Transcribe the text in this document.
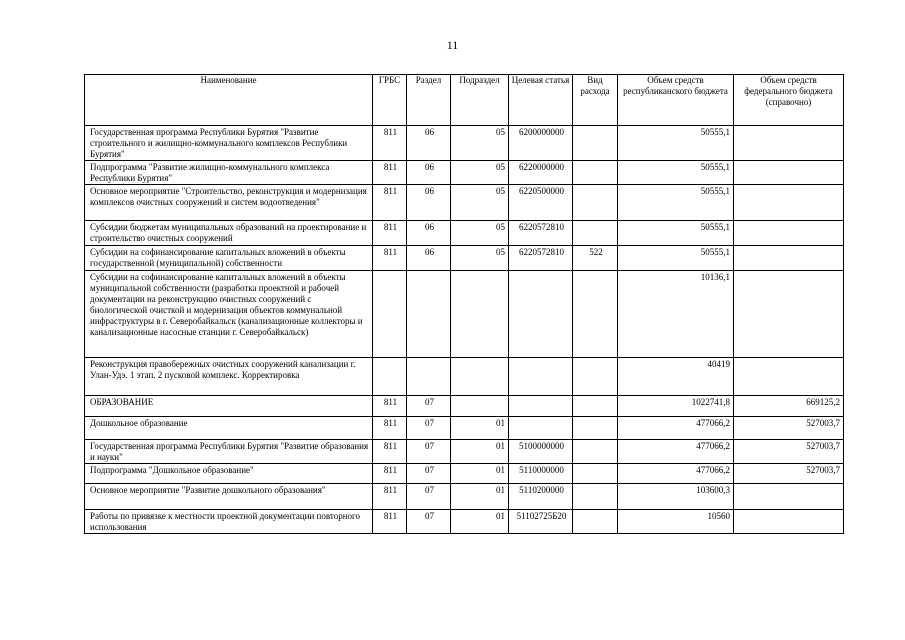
11
Наименование	ГРБС	Раздел	Подраздел	Целевая статья	Вид расхода	Объем средств республиканского бюджета	Объем средств федерального бюджета (справочно)
Государственная программа Республики Бурятия "Развитие строительного и жилищно-коммунального комплексов Республики Бурятия"	811	06	05	6200000000		50555,1	
Подпрограмма "Развитие жилищно-коммунального комплекса Республики Бурятия"	811	06	05	6220000000		50555,1	
Основное мероприятие "Строительство, реконструкция и модернизация комплексов очистных сооружений и систем водоотведения"	811	06	05	6220500000		50555,1	
Субсидии бюджетам муниципальных образований на проектирование и строительство очистных сооружений	811	06	05	6220572810		50555,1	
Субсидии на софинансирование капитальных вложений в объекты государственной (муниципальной) собственности	811	06	05	6220572810	522	50555,1	
Субсидии на софинансирование капитальных вложений в объекты муниципальной собственности (разработка проектной и рабочей документации на реконструкцию очистных сооружений с биологической очисткой и модернизация объектов коммунальной инфраструктуры в г. Северобайкальск (канализационные коллекторы и канализационные насосные станции г. Северобайкальск)						10136,1	
Реконструкция правобережных очистных сооружений канализации г. Улан-Удэ. 1 этап. 2 пусковой комплекс. Корректировка						40419	
ОБРАЗОВАНИЕ	811	07				1022741,8	669125,2
Дошкольное образование	811	07	01			477066,2	527003,7
Государственная программа Республики Бурятия "Развитие образования и науки"	811	07	01	5100000000		477066,2	527003,7
Подпрограмма "Дошкольное образование"	811	07	01	5110000000		477066,2	527003,7
Основное мероприятие "Развитие дошкольного образования"	811	07	01	5110200000		103600,3	
Работы по привязке к местности проектной документации повторного использования	811	07	01	51102725Б20		10560	
